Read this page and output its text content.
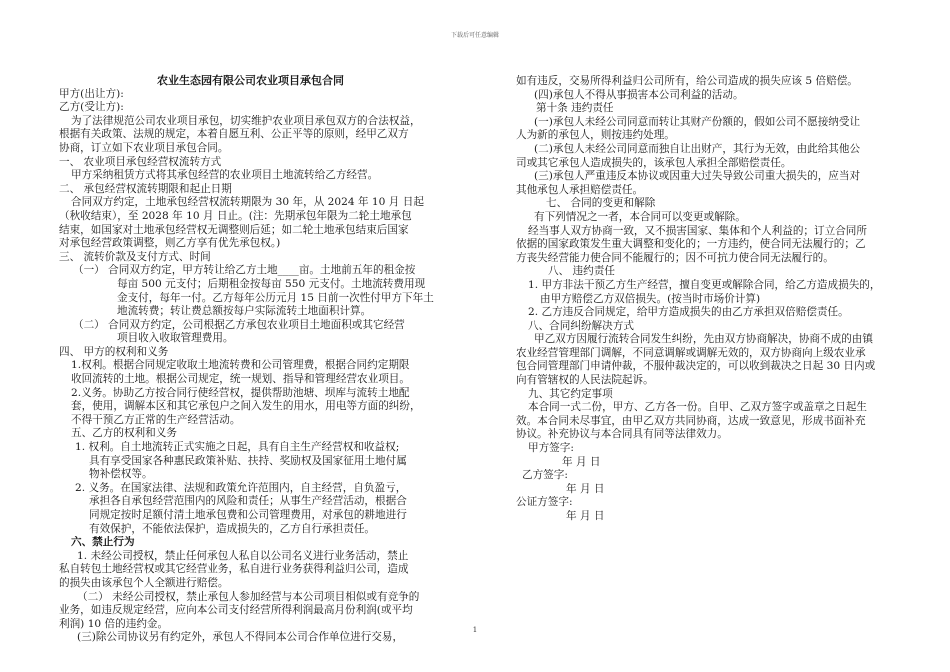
下载后可任意编辑

农业生态园有限公司农业项目承包合同

甲方(出让方):

乙方(受让方):

为了法律规范公司农业项目承包，切实维护农业项目承包双方的合法权益，

根据有关政策、法规的规定，本着自愿互利、公正平等的原则，经甲乙双方

协商，订立如下农业项目承包合同。

一、 农业项目承包经营权流转方式

甲方采纳租赁方式将其承包经营的农业项目土地流转给乙方经营。

二、 承包经营权流转期限和起止日期

合同双方约定，土地承包经营权流转期限为 30 年，从 2024 年 10 月 日起

（秋收结束），至 2028 年 10 月 日止。(注：先期承包年限为二轮土地承包

结束，如国家对土地承包经营权无调整则后延；如二轮土地承包结束后国家

对承包经营政策调整，则乙方享有优先承包权。)

三、 流转价款及支付方式、时间

（一） 合同双方约定，甲方转让给乙方土地____亩。土地前五年的租金按

每亩 500 元支付；后期租金按每亩 550 元支付。土地流转费用现

金支付，每年一付。乙方每年公历元月 15 日前一次性付甲方下年土

地流转费；转让费总额按每户实际流转土地面积计算。

（二） 合同双方约定，公司根据乙方承包农业项目土地面积或其它经营

项目收入收取管理费用。

四、 甲方的权利和义务

1.权利。根据合同规定收取土地流转费和公司管理费，根据合同约定期限

收回流转的土地。根据公司规定，统一规划、指导和管理经营农业项目。

2.义务。协助乙方按合同行使经营权，提供帮助池塘、坝库与流转土地配

套，使用，调解本区和其它承包户之间入发生的用水，用电等方面的纠纷，

不得干预乙方正常的生产经营活动。

五、乙方的权利和义务

1. 权利。自土地流转正式实施之日起，具有自主生产经营权和收益权;

具有享受国家各种惠民政策补贴、扶持、奖励权及国家征用土地付属

物补偿权等。

2. 义务。在国家法律、法规和政策允许范围内，自主经营，自负盈亏，

承担各自承包经营范围内的风险和责任；从事生产经营活动，根据合

同规定按时足额付清土地承包费和公司管理费用，对承包的耕地进行

有效保护，不能依法保护，造成损失的，乙方自行承担责任。

六、禁止行为

1. 未经公司授权，禁止任何承包人私自以公司名义进行业务活动，禁止

私自转包土地经营权或其它经营业务，私自进行业务获得利益归公司，造成

的损失由该承包个人全额进行赔偿。

（二） 未经公司授权，禁止承包人参加经营与本公司项目相似或有竞争的

业务，如违反规定经营，应向本公司支付经营所得利润最高月份利润(或平均

利润) 10 倍的违约金。

(三)除公司协议另有约定外，承包人不得同本公司合作单位进行交易，

如有违反，交易所得利益归公司所有，给公司造成的损失应该 5 倍赔偿。

(四)承包人不得从事损害本公司利益的活动。

第十条 违约责任

(一)承包人未经公司同意而转让其财产份额的，假如公司不愿接纳受让

人为新的承包人，则按违约处理。

(二)承包人未经公司同意而独自让出财产，其行为无效，由此给其他公

司或其它承包人造成损失的，该承包人承担全部赔偿责任。

(三)承包人严重违反本协议或因重大过失导致公司重大损失的，应当对

其他承包人承担赔偿责任。

七、 合同的变更和解除

有下列情况之一者，本合同可以变更或解除。

经当事人双方协商一致，又不损害国家、集体和个人利益的；订立合同所

依据的国家政策发生重大调整和变化的；一方违约，使合同无法履行的；乙

方丧失经营能力使合同不能履行的；因不可抗力使合同无法履行的。

八、 违约责任

1. 甲方非法干预乙方生产经营，擅自变更或解除合同，给乙方造成损失的，

由甲方赔偿乙方双倍损失。(按当时市场价计算)

2. 乙方违反合同规定，给甲方造成损失的由乙方承担双倍赔偿责任。

八、合同纠纷解决方式

甲乙双方因履行流转合同发生纠纷，先由双方协商解决，协商不成的由镇

农业经营管理部门调解，不同意调解或调解无效的，双方协商向上级农业承

包合同管理部门申请仲裁，不服仲裁决定的，可以收到裁决之日起 30 日内或

向有管辖权的人民法院起诉。

九、其它约定事项

本合同一式二份，甲方、乙方各一份。自甲、乙双方签字或盖章之日起生

效。本合同未尽事宜，由甲乙双方共同协商，达成一致意见，形成书面补充

协议。补充协议与本合同具有同等法律效力。

甲方签字:

年 月 日

乙方签字:

年 月 日

公证方签字:

年 月 日

1
